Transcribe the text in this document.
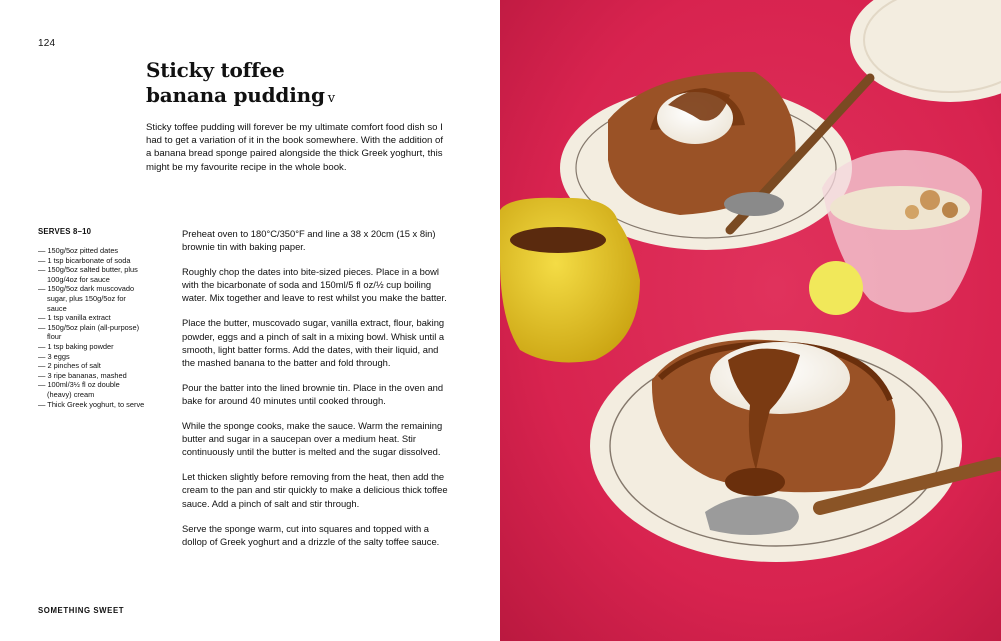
124
Sticky toffee
banana pudding v

Sticky toffee pudding will forever be my ultimate comfort food dish so I had to get a variation of it in the book somewhere. With the addition of a banana bread sponge paired alongside the thick Greek yoghurt, this might be my favourite recipe in the whole book.

SERVES 8–10
— 150g/5oz pitted dates
— 1 tsp bicarbonate of soda
— 150g/5oz salted butter, plus 100g/4oz for sauce
— 150g/5oz dark muscovado sugar, plus 150g/5oz for sauce
— 1 tsp vanilla extract
— 150g/5oz plain (all-purpose) flour
— 1 tsp baking powder
— 3 eggs
— 2 pinches of salt
— 3 ripe bananas, mashed
— 100ml/3½ fl oz double (heavy) cream
— Thick Greek yoghurt, to serve

Preheat oven to 180°C/350°F and line a 38 x 20cm (15 x 8in) brownie tin with baking paper.

Roughly chop the dates into bite-sized pieces. Place in a bowl with the bicarbonate of soda and 150ml/5 fl oz/½ cup boiling water. Mix together and leave to rest whilst you make the batter.

Place the butter, muscovado sugar, vanilla extract, flour, baking powder, eggs and a pinch of salt in a mixing bowl. Whisk until a smooth, light batter forms. Add the dates, with their liquid, and the mashed banana to the batter and fold through.

Pour the batter into the lined brownie tin. Place in the oven and bake for around 40 minutes until cooked through.

While the sponge cooks, make the sauce. Warm the remaining butter and sugar in a saucepan over a medium heat. Stir continuously until the butter is melted and the sugar dissolved.

Let thicken slightly before removing from the heat, then add the cream to the pan and stir quickly to make a delicious thick toffee sauce. Add a pinch of salt and stir through.

Serve the sponge warm, cut into squares and topped with a dollop of Greek yoghurt and a drizzle of the salty toffee sauce.

SOMETHING SWEET
